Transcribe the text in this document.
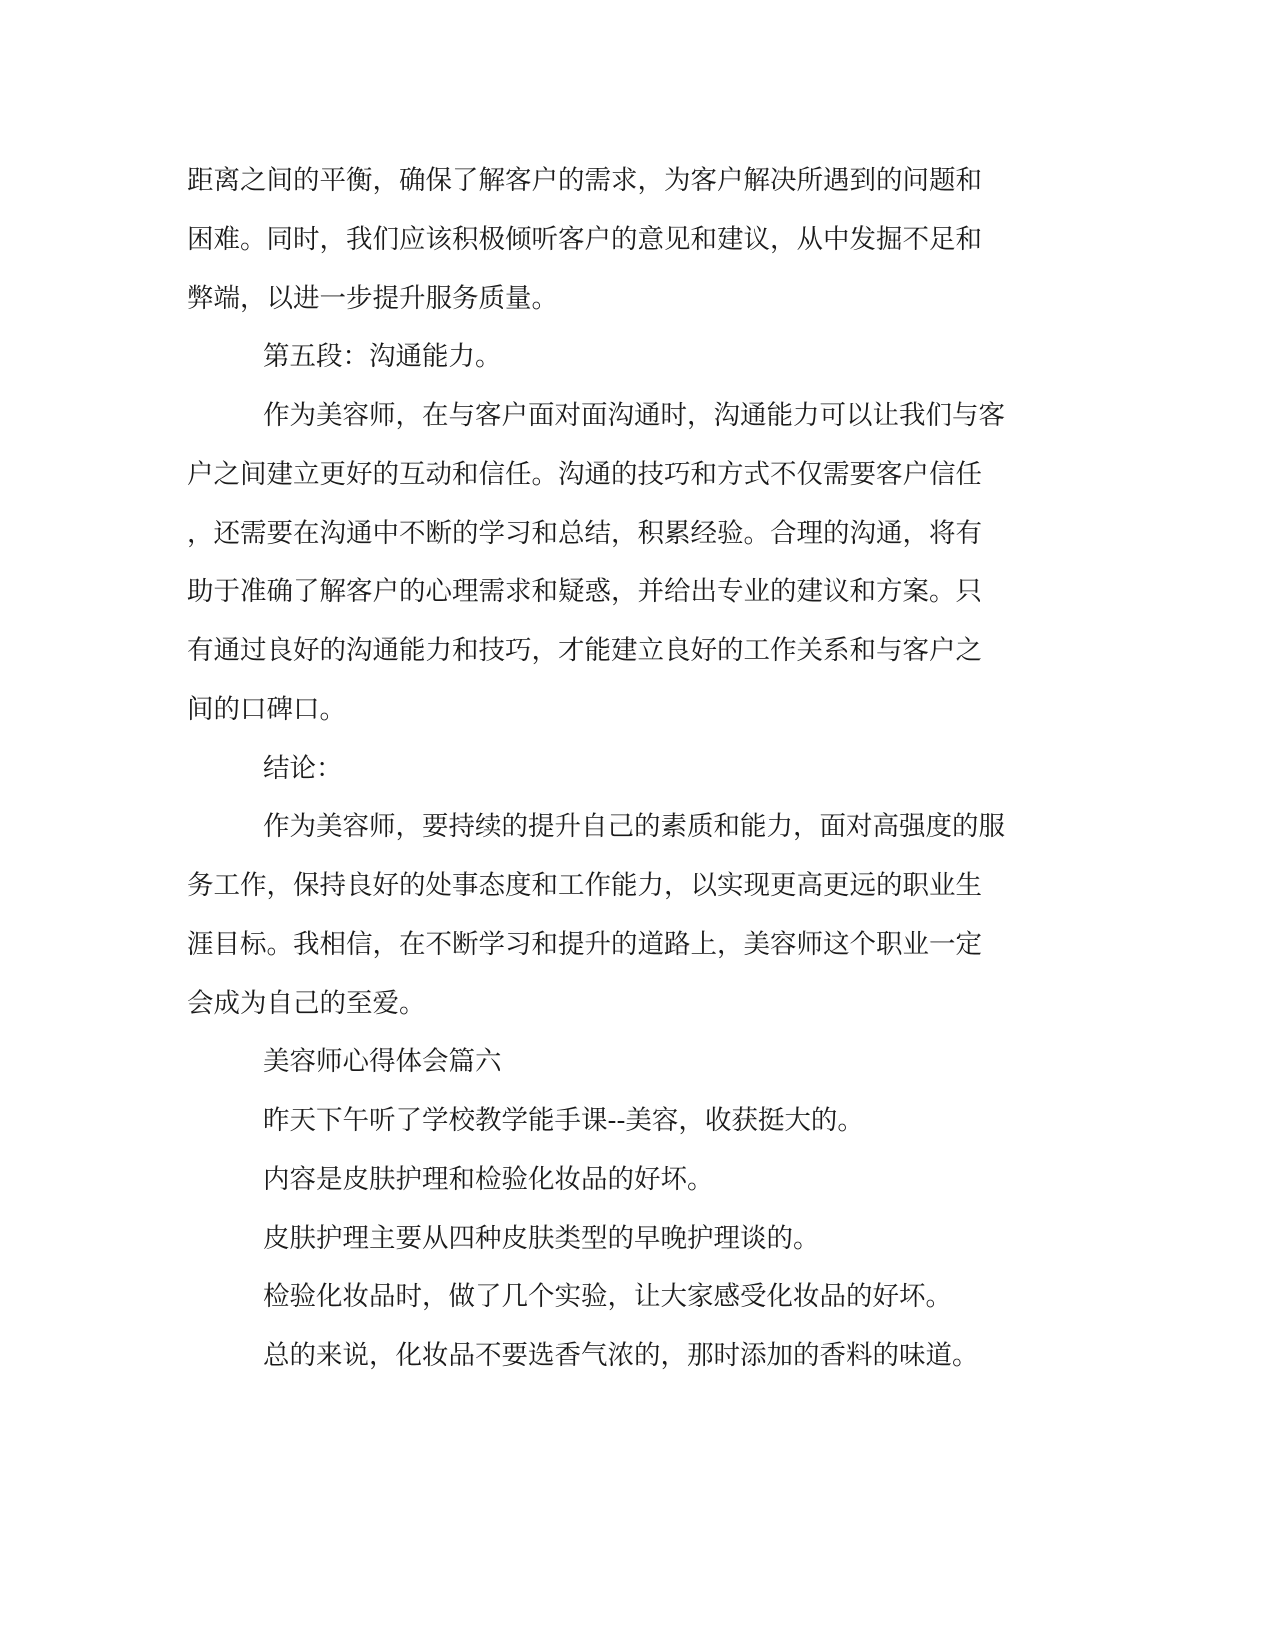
距离之间的平衡，确保了解客户的需求，为客户解决所遇到的问题和
困难。同时，我们应该积极倾听客户的意见和建议，从中发掘不足和
弊端，以进一步提升服务质量。
第五段：沟通能力。
作为美容师，在与客户面对面沟通时，沟通能力可以让我们与客
户之间建立更好的互动和信任。沟通的技巧和方式不仅需要客户信任
，还需要在沟通中不断的学习和总结，积累经验。合理的沟通，将有
助于准确了解客户的心理需求和疑惑，并给出专业的建议和方案。只
有通过良好的沟通能力和技巧，才能建立良好的工作关系和与客户之
间的口碑口。
结论：
作为美容师，要持续的提升自己的素质和能力，面对高强度的服
务工作，保持良好的处事态度和工作能力，以实现更高更远的职业生
涯目标。我相信，在不断学习和提升的道路上，美容师这个职业一定
会成为自己的至爱。
美容师心得体会篇六
昨天下午听了学校教学能手课--美容，收获挺大的。
内容是皮肤护理和检验化妆品的好坏。
皮肤护理主要从四种皮肤类型的早晚护理谈的。
检验化妆品时，做了几个实验，让大家感受化妆品的好坏。
总的来说，化妆品不要选香气浓的，那时添加的香料的味道。
